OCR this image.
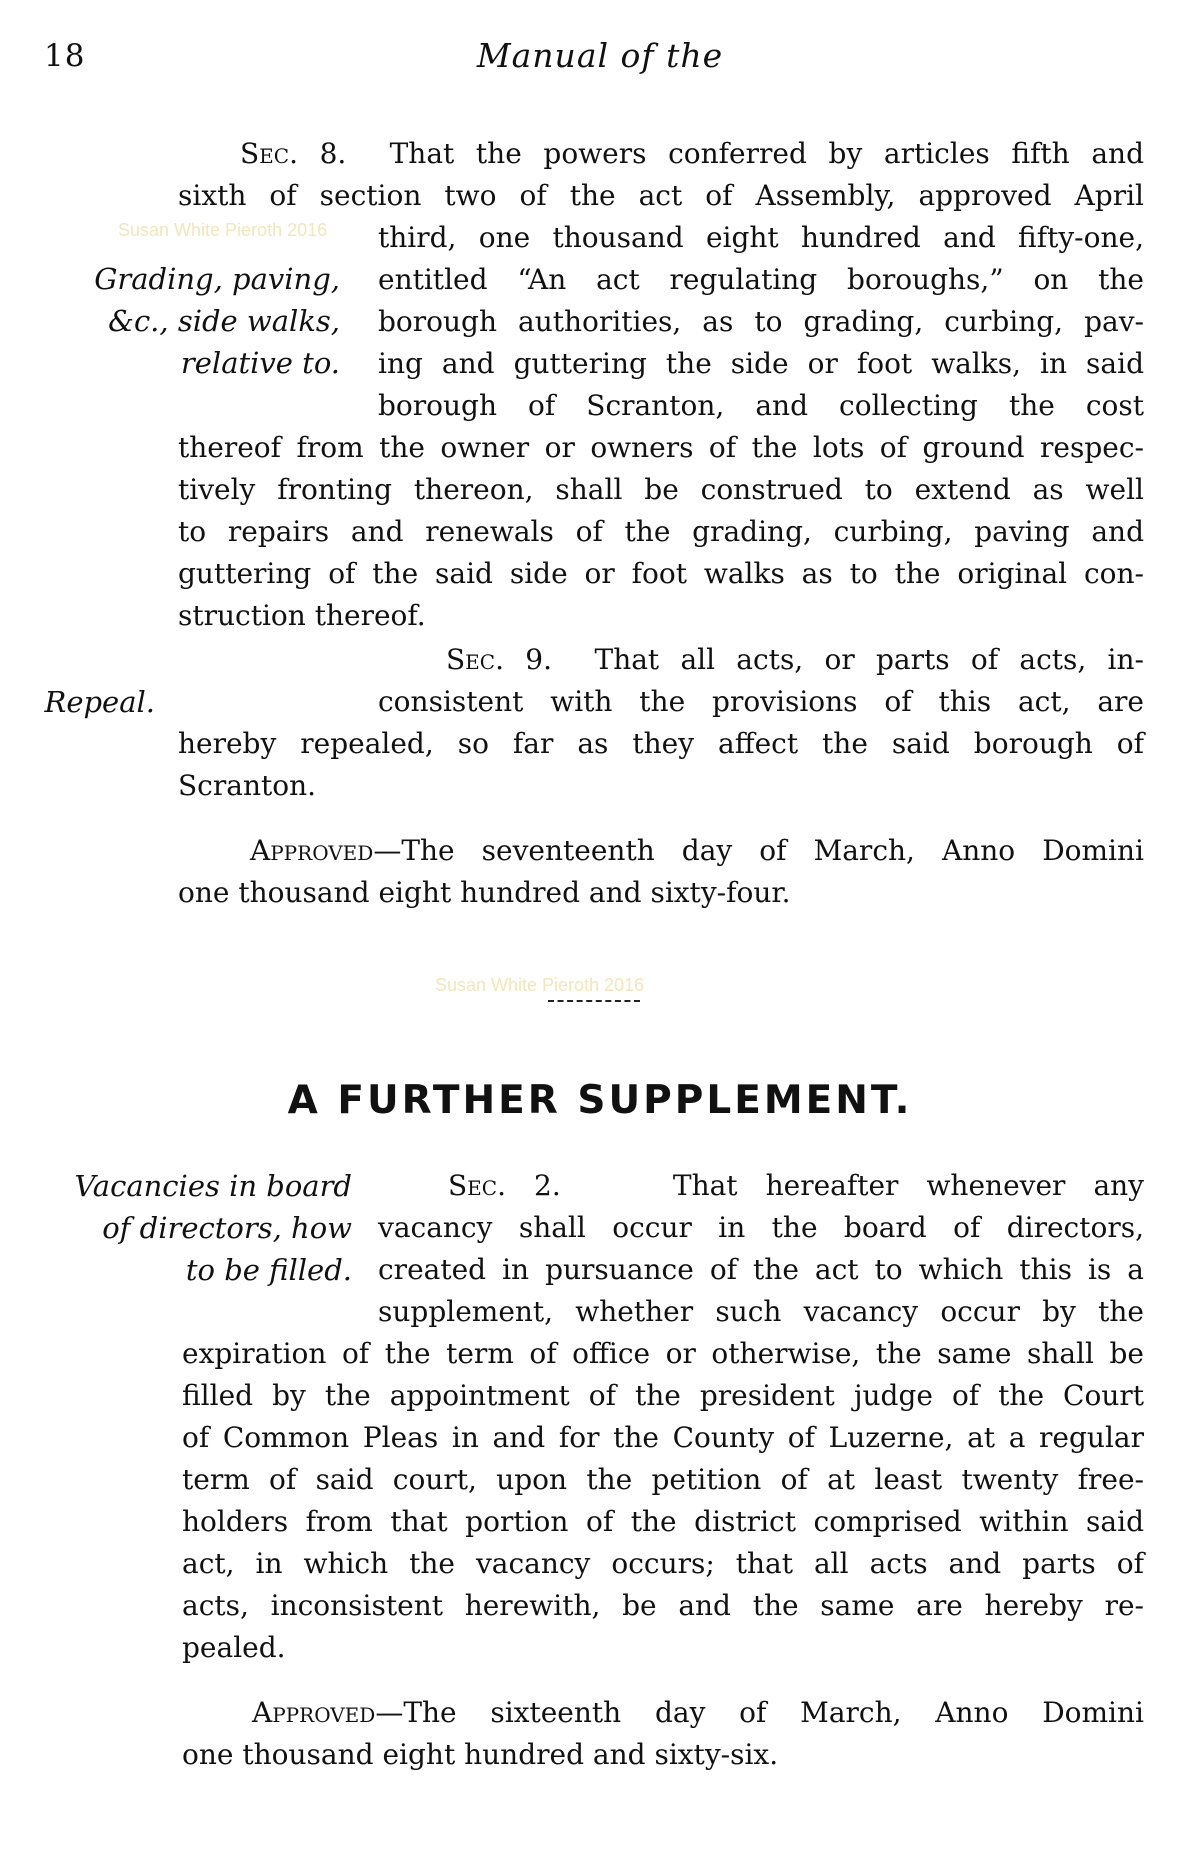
18	Manual of the
Susan White Pieroth 2016
Susan White Pieroth 2016
Grading, paving,
&c., side walks,
relative to.
Sec. 8. That the powers conferred by articles fifth and
sixth of section two of the act of Assembly, approved April
third, one thousand eight hundred and fifty-one,
entitled “An act regulating boroughs,” on the
borough authorities, as to grading, curbing, pav-
ing and guttering the side or foot walks, in said
borough of Scranton, and collecting the cost
thereof from the owner or owners of the lots of ground respec-
tively fronting thereon, shall be construed to extend as well
to repairs and renewals of the grading, curbing, paving and
guttering of the said side or foot walks as to the original con-
struction thereof.
Repeal.
Sec. 9. That all acts, or parts of acts, in-
consistent with the provisions of this act, are
hereby repealed, so far as they affect the said borough of
Scranton.
Approved—The seventeenth day of March, Anno Domini
one thousand eight hundred and sixty-four.
A FURTHER SUPPLEMENT.
Vacancies in board
of directors, how
to be filled.
Sec. 2.	That hereafter whenever any
vacancy shall occur in the board of directors,
created in pursuance of the act to which this is a
supplement, whether such vacancy occur by the
expiration of the term of office or otherwise, the same shall be
filled by the appointment of the president judge of the Court
of Common Pleas in and for the County of Luzerne, at a regular
term of said court, upon the petition of at least twenty free-
holders from that portion of the district comprised within said
act, in which the vacancy occurs; that all acts and parts of
acts, inconsistent herewith, be and the same are hereby re-
pealed.
Approved—The sixteenth day of March, Anno Domini
one thousand eight hundred and sixty-six.
